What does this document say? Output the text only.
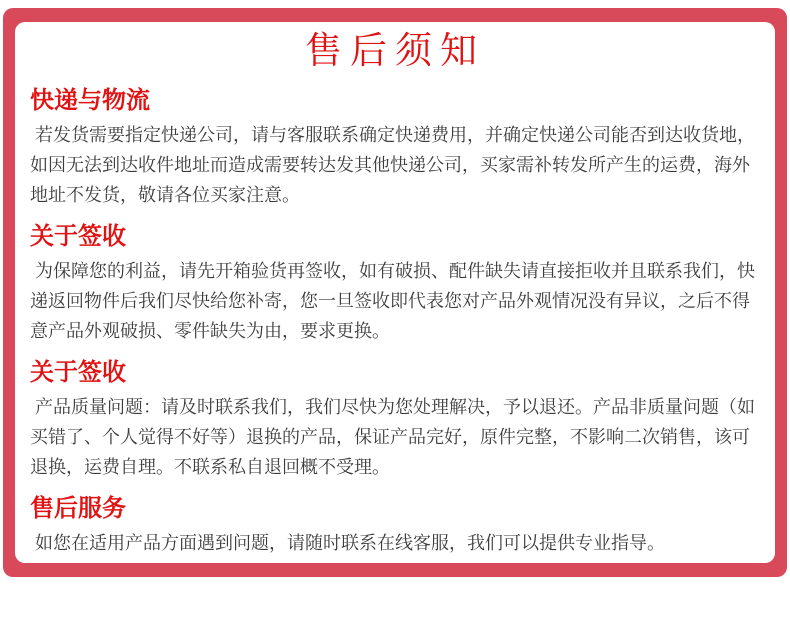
售后须知
快递与物流

若发货需要指定快递公司，请与客服联系确定快递费用，并确定快递公司能否到达收货地，如因无法到达收件地址而造成需要转达发其他快递公司，买家需补转发所产生的运费，海外地址不发货，敬请各位买家注意。

关于签收

为保障您的利益，请先开箱验货再签收，如有破损、配件缺失请直接拒收并且联系我们，快递返回物件后我们尽快给您补寄，您一旦签收即代表您对产品外观情况没有异议，之后不得意产品外观破损、零件缺失为由，要求更换。

关于签收

产品质量问题：请及时联系我们，我们尽快为您处理解决，予以退还。产品非质量问题（如买错了、个人觉得不好等）退换的产品，保证产品完好，原件完整，不影响二次销售，该可退换，运费自理。不联系私自退回概不受理。

售后服务

如您在适用产品方面遇到问题，请随时联系在线客服，我们可以提供专业指导。
